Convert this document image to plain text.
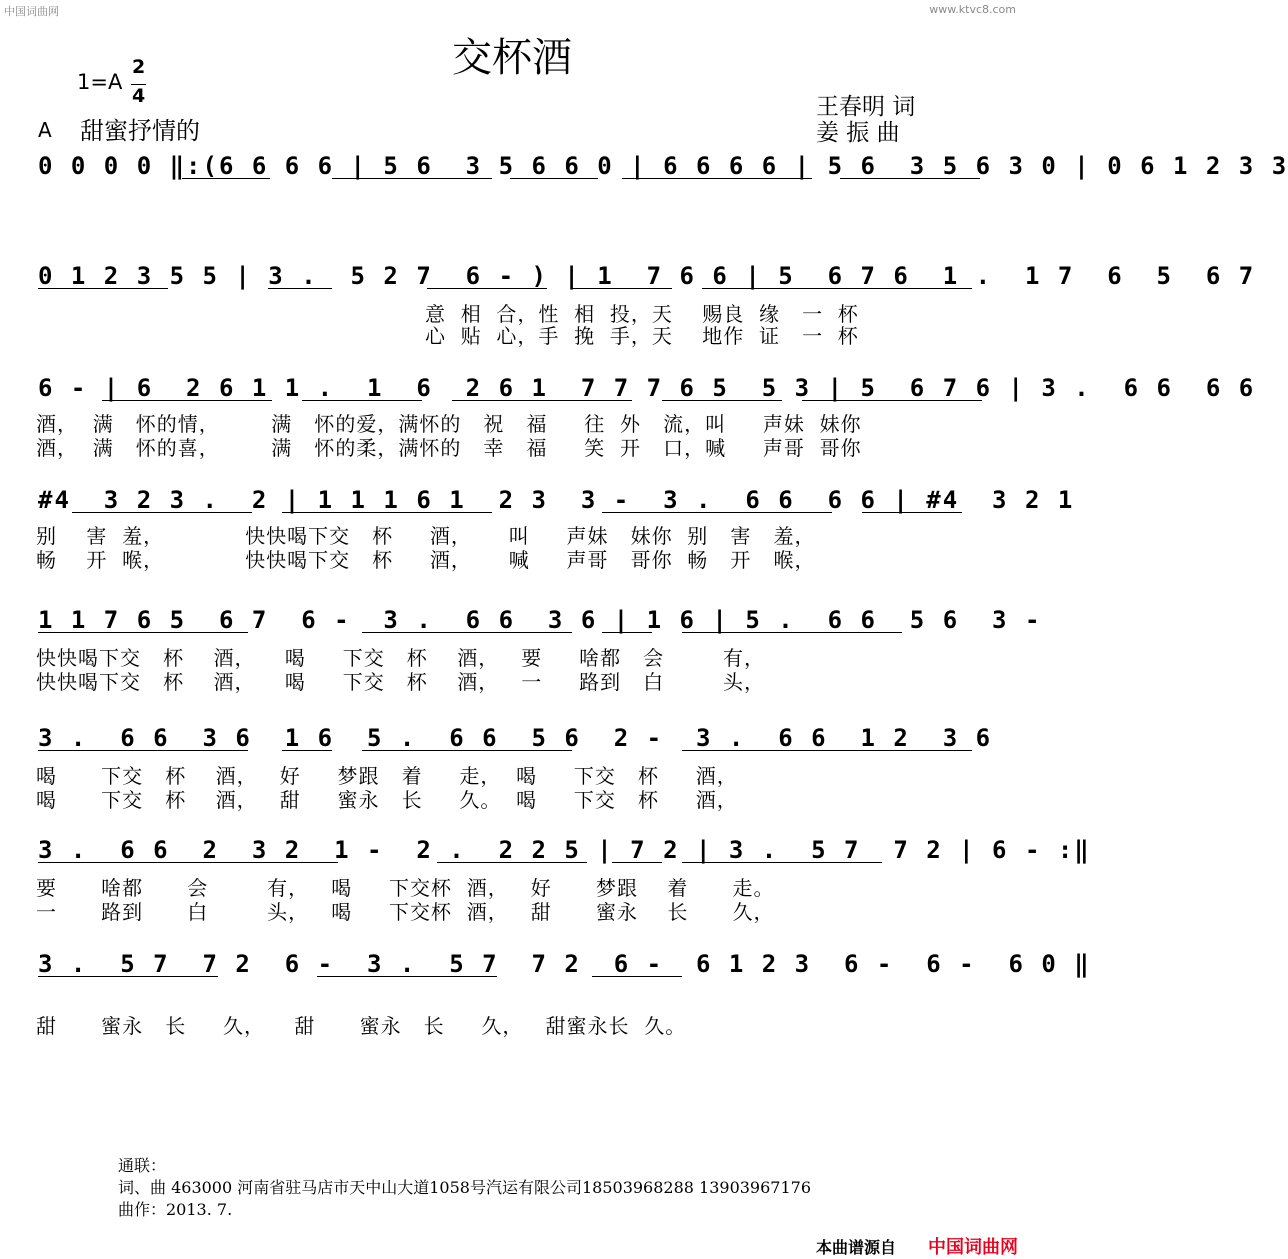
中国词曲网	www.ktvc8.com
交杯酒
1=A
2
4
A 甜蜜抒情的
王春明 词
姜 振 曲
0 0 0 0 ‖:(6 6 6 6 | 5 6  3 5 6 6 0 | 6 6 6 6 | 5 6  3 5 6 3 0 | 0 6 1 2 3 3
0 1 2 3 5 5 | 3 .  5 2 7  6 - ) | 1  7 6 6 | 5  6 7 6  1 .  1 7  6  5  6 7
意  相  合，性  相  投，天    赐良  缘   一  杯
心  贴  心，手  挽  手，天    地作  证   一  杯
6 - | 6  2 6 1 1 .  1  6  2 6 1  7 7 7 6 5  5 3 | 5  6 7 6 | 3 .  6 6  6 6
酒，  满   怀的情，       满   怀的爱，满怀的   祝   福     往  外   流，叫     声妹  妹你
酒，  满   怀的喜，       满   怀的柔，满怀的   幸   福     笑  开   口，喊     声哥  哥你
#4  3 2 3 .  2 | 1 1 1 6 1  2 3  3 -  3 .  6 6  6 6 | #4  3 2 1
别    害  羞，           快快喝下交   杯     酒，     叫     声妹   妹你  别   害   羞，
畅    开  喉，           快快喝下交   杯     酒，     喊     声哥   哥你  畅   开   喉，
1 1 7 6 5  6 7  6 -  3 .  6 6  3 6 | 1 6 | 5 .  6 6  5 6  3 -
快快喝下交   杯    酒，    喝     下交   杯    酒，   要     啥都   会        有，
快快喝下交   杯    酒，    喝     下交   杯    酒，   一     路到   白        头，
3 .  6 6  3 6  1 6  5 .  6 6  5 6  2 -  3 .  6 6  1 2  3 6
喝      下交   杯    酒，   好     梦跟   着     走，  喝     下交   杯     酒，
喝      下交   杯    酒，   甜     蜜永   长     久。  喝     下交   杯     酒，
3 .  6 6  2  3 2  1 -  2 .  2 2 5 | 7 2 | 3 .  5 7  7 2 | 6 - :‖
要      啥都      会        有，   喝     下交杯  酒，   好      梦跟    着      走。
一      路到      白        头，   喝     下交杯  酒，   甜      蜜永    长      久，
3 .  5 7  7 2  6 -  3 .  5 7  7 2  6 -  6 1 2 3  6 -  6 -  6 0 ‖
甜      蜜永   长     久，    甜      蜜永   长     久，   甜蜜永长  久。
通联：
词、曲 463000 河南省驻马店市天中山大道1058号汽运有限公司18503968288 13903967176
曲作：2013. 7.
本曲谱源自 中国词曲网
